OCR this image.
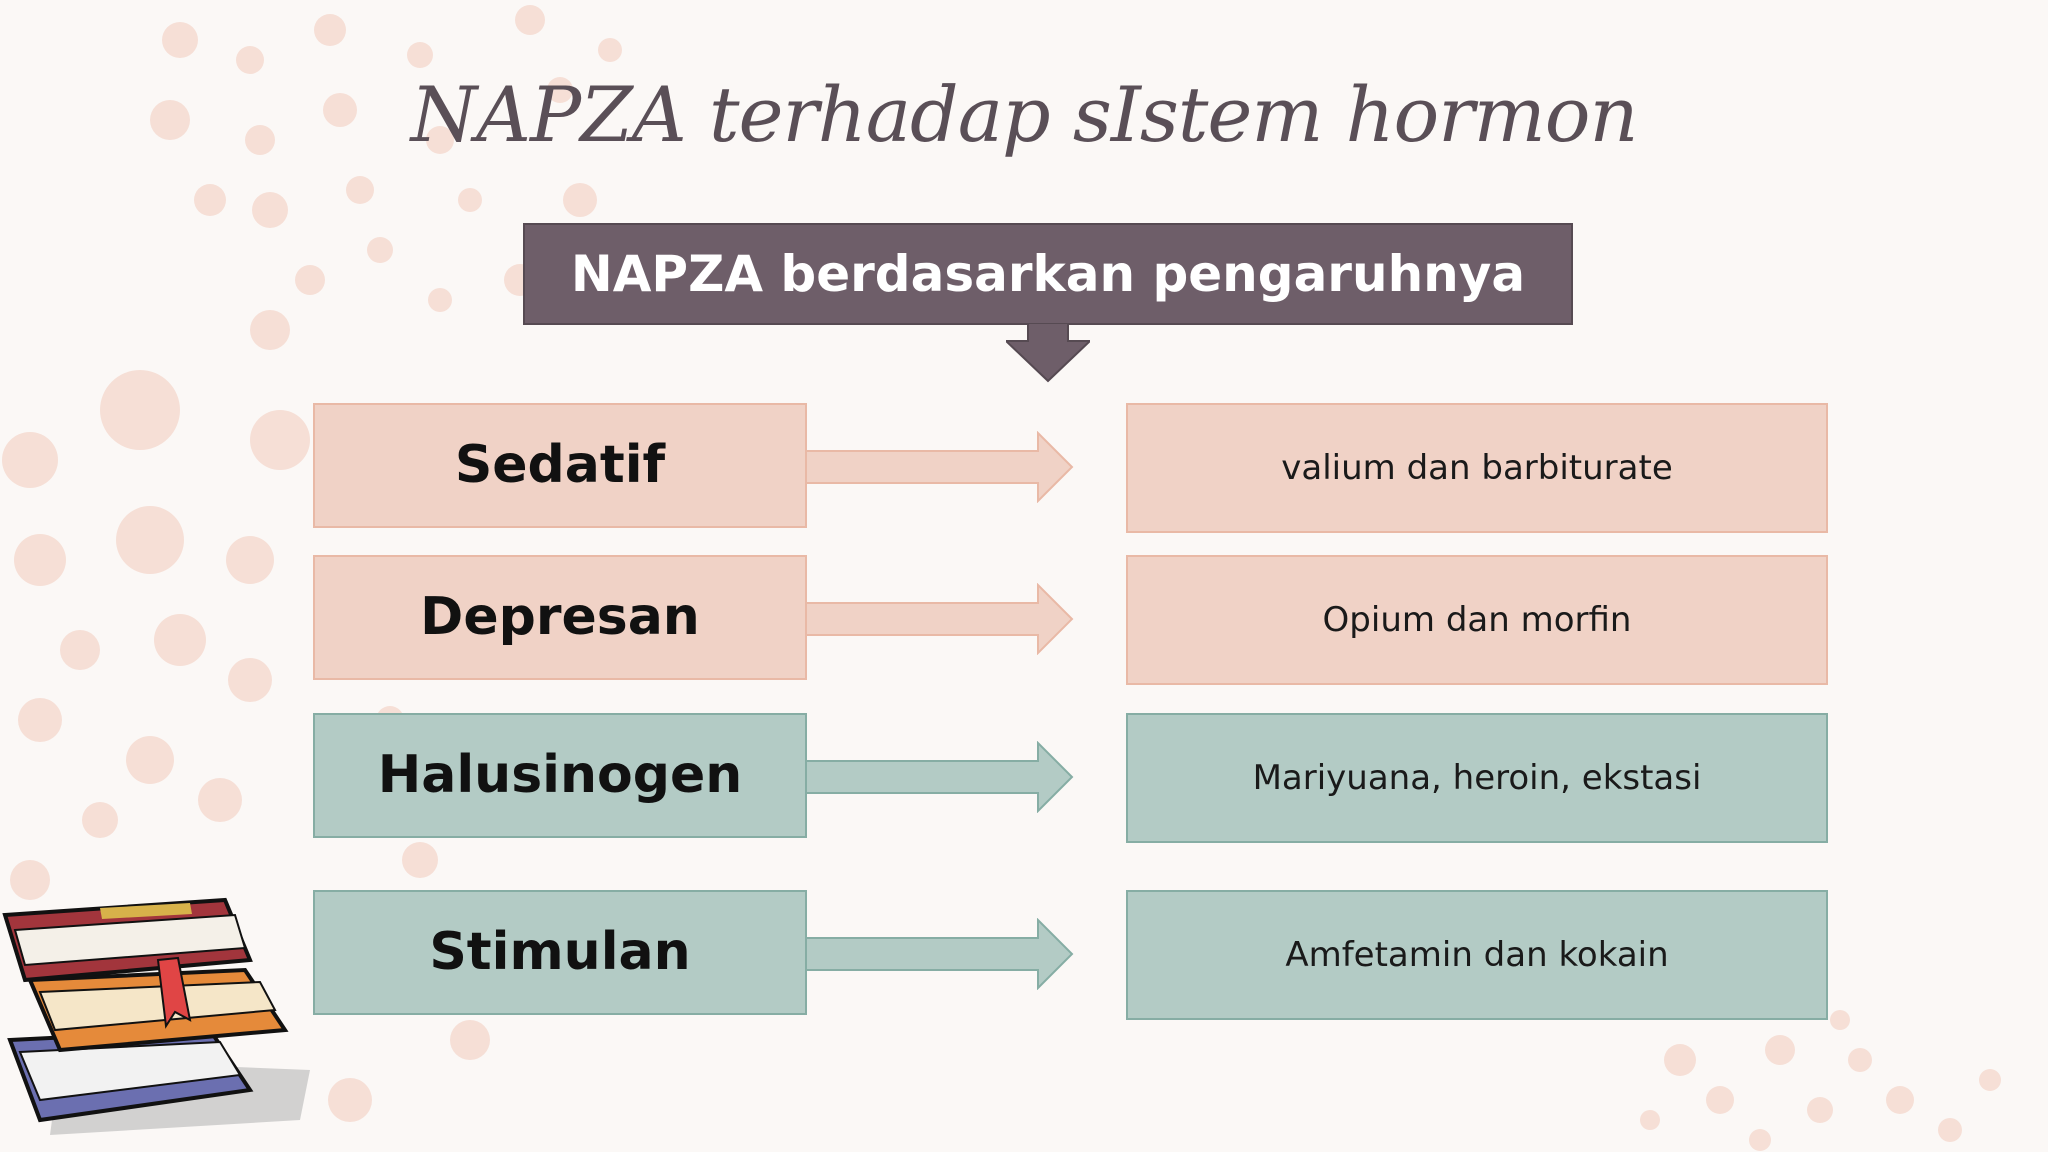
NAPZA terhadap sIstem hormon
NAPZA berdasarkan pengaruhnya
Sedatif	valium dan barbiturate
Depresan	Opium dan morfin
Halusinogen	Mariyuana, heroin, ekstasi
Stimulan	Amfetamin dan kokain
